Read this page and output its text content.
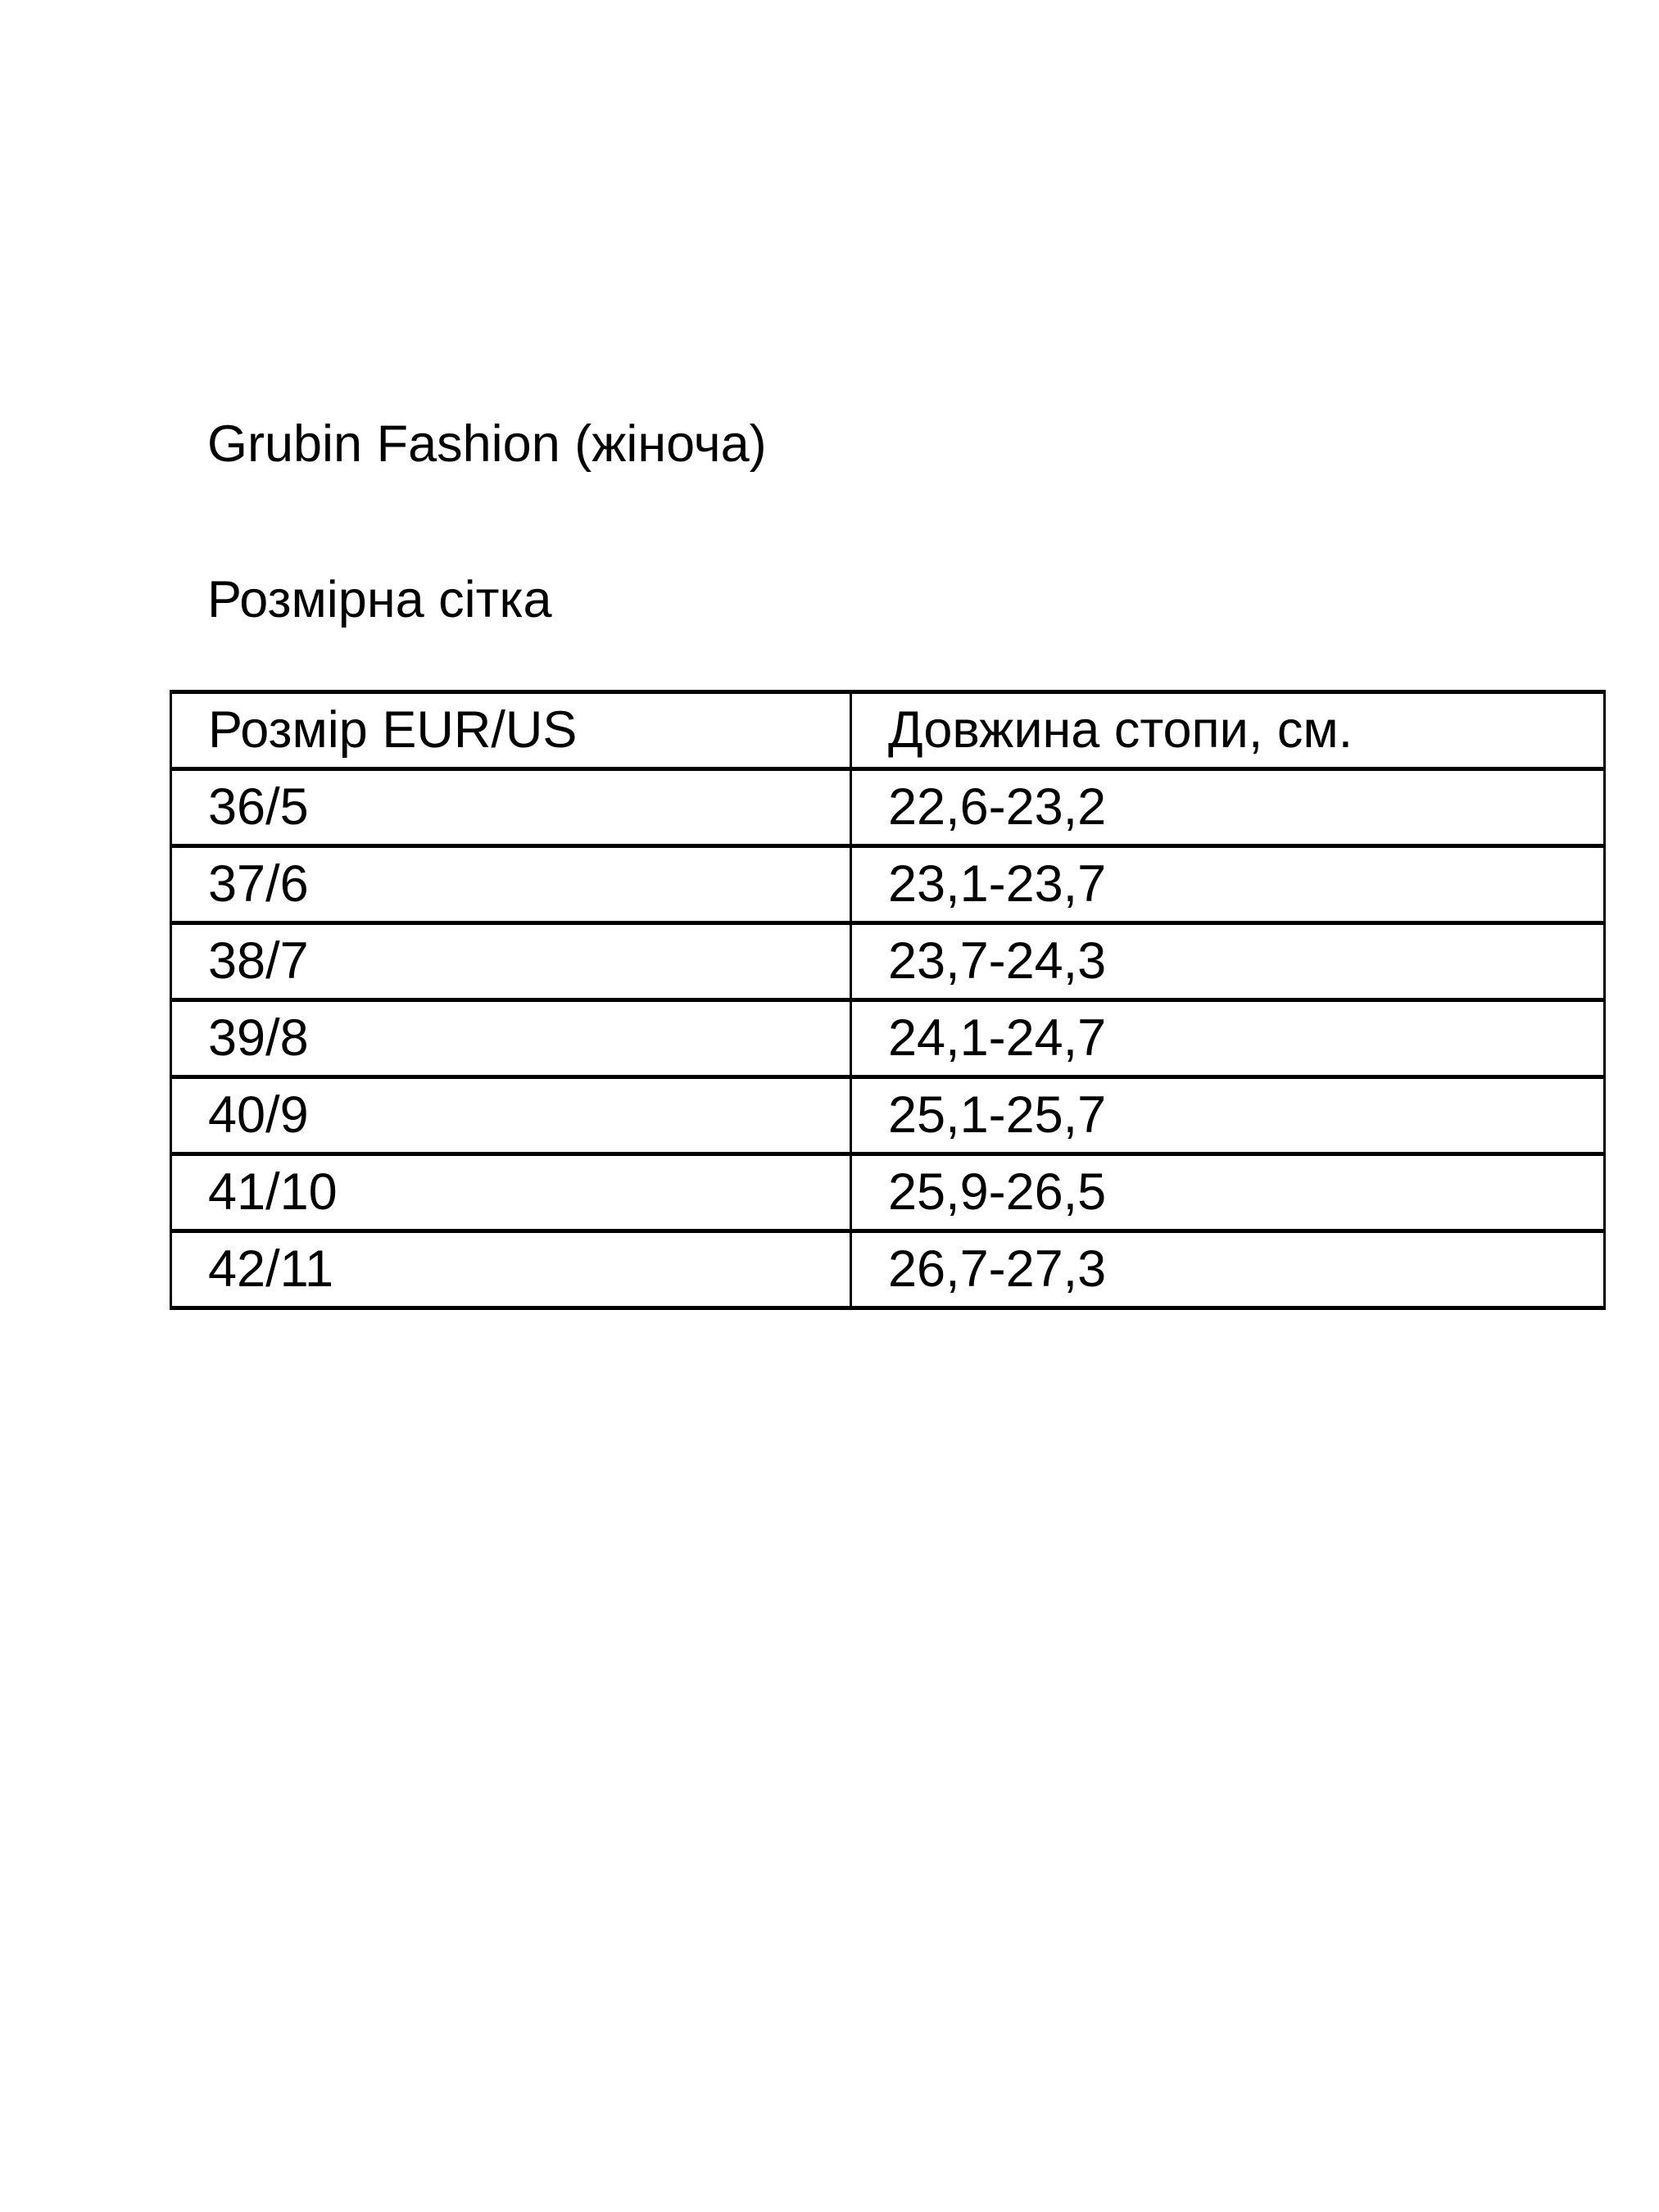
Grubin Fashion (жіноча)
Розмірна сітка
Розмір EUR/US	Довжина стопи, см.
36/5	22,6-23,2
37/6	23,1-23,7
38/7	23,7-24,3
39/8	24,1-24,7
40/9	25,1-25,7
41/10	25,9-26,5
42/11	26,7-27,3
